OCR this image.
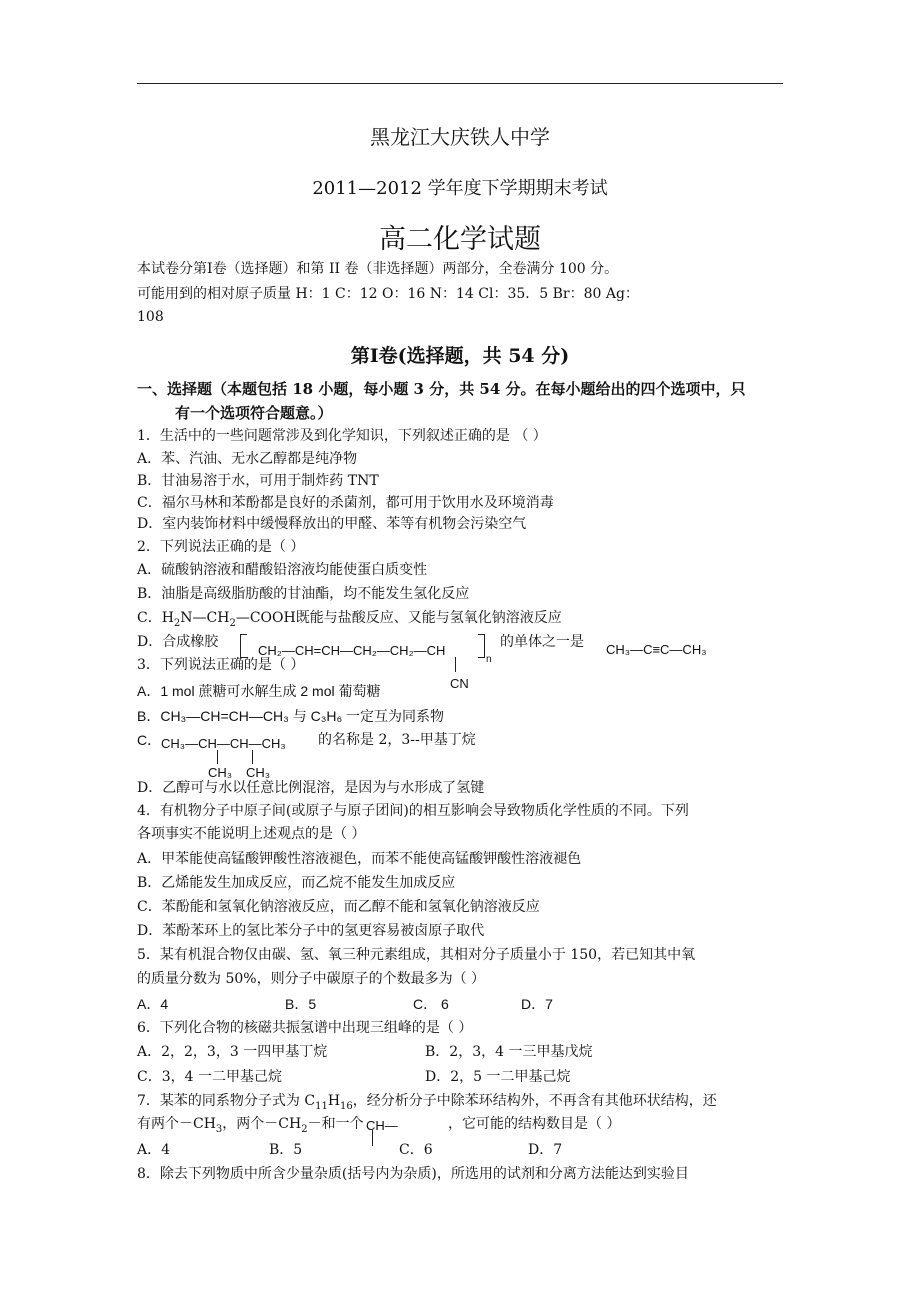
黑龙江大庆铁人中学
2011—2012 学年度下学期期末考试
高二化学试题
本试卷分第Ⅰ卷（选择题）和第 II 卷（非选择题）两部分，全卷满分 100 分。
可能用到的相对原子质量 H：1 C：12 O：16 N：14 Cl：35．5 Br：80 Ag：
108
第Ⅰ卷(选择题，共 54 分)
一、选择题（本题包括 18 小题，每小题 3 分，共 54 分。在每小题给出的四个选项中，只
有一个选项符合题意。）
1．生活中的一些问题常涉及到化学知识，下列叙述正确的是 （ ）
A．苯、汽油、无水乙醇都是纯净物
B．甘油易溶于水，可用于制炸药 TNT
C．福尔马林和苯酚都是良好的杀菌剂，都可用于饮用水及环境消毒
D．室内装饰材料中缓慢释放出的甲醛、苯等有机物会污染空气
2．下列说法正确的是（ ）
A．硫酸钠溶液和醋酸铅溶液均能使蛋白质变性
B．油脂是高级脂肪酸的甘油酯，均不能发生氢化反应
C．$H_2N—CH_2—COOH$既能与盐酸反应、又能与氢氧化钠溶液反应
D．合成橡胶
CH₂—CH=CH—CH₂—CH₂—CH
CN
n
的单体之一是 CH₃—C≡C—CH₃
3．下列说法正确的是（ ）
A．1 mol 蔗糖可水解生成 2 mol 葡萄糖
B．CH₃—CH=CH—CH₃ 与 C₃H₆ 一定互为同系物
C． CH₃—CH—CH—CH₃
CH₃ CH₃
的名称是 2，3--甲基丁烷
D．乙醇可与水以任意比例混溶，是因为与水形成了氢键
4．有机物分子中原子间(或原子与原子团间)的相互影响会导致物质化学性质的不同。下列
各项事实不能说明上述观点的是（ ）
A．甲苯能使高锰酸钾酸性溶液褪色，而苯不能使高锰酸钾酸性溶液褪色
B．乙烯能发生加成反应，而乙烷不能发生加成反应
C．苯酚能和氢氧化钠溶液反应，而乙醇不能和氢氧化钠溶液反应
D．苯酚苯环上的氢比苯分子中的氢更容易被卤原子取代
5．某有机混合物仅由碳、氢、氧三种元素组成，其相对分子质量小于 150，若已知其中氧
的质量分数为 50%，则分子中碳原子的个数最多为（ ）
A．4	B．5	C． 6	D．7
6．下列化合物的核磁共振氢谱中出现三组峰的是（ ）
A．2，2，3，3 一四甲基丁烷	B．2，3，4 一三甲基戊烷
C．3，4 一二甲基己烷	D．2，5 一二甲基己烷
7．某苯的同系物分子式为 $C_{11}H_{16}$，经分析分子中除苯环结构外，不再含有其他环状结构，还
有两个$-CH_3$，两个$-CH_2-$和一个 CH—	，它可能的结构数目是（ ）
A．4	B．5	C．6	D．7
8．除去下列物质中所含少量杂质(括号内为杂质)，所选用的试剂和分离方法能达到实验目
